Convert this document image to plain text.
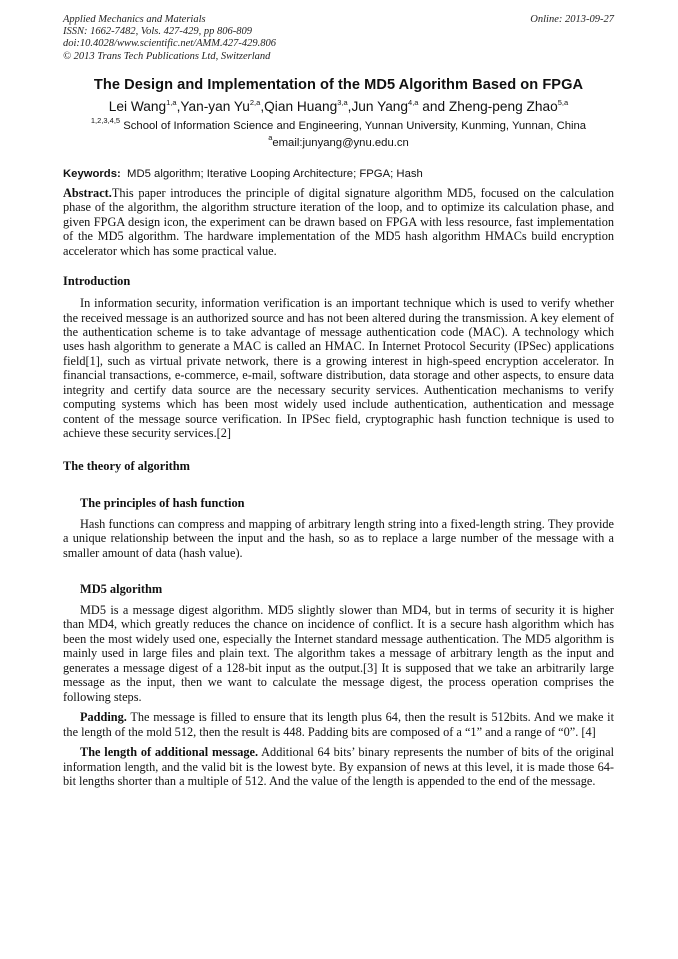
Applied Mechanics and Materials
ISSN: 1662-7482, Vols. 427-429, pp 806-809
doi:10.4028/www.scientific.net/AMM.427-429.806
© 2013 Trans Tech Publications Ltd, Switzerland
Online: 2013-09-27
The Design and Implementation of the MD5 Algorithm Based on FPGA
Lei Wang$^{1,a}$,Yan-yan Yu$^{2,a}$,Qian Huang$^{3,a}$,Jun Yang$^{4,a}$ and Zheng-peng Zhao$^{5,a}$
$^{1,2,3,4,5}$ School of Information Science and Engineering, Yunnan University, Kunming, Yunnan, China
$^a$email:junyang@ynu.edu.cn
Keywords: MD5 algorithm; Iterative Looping Architecture; FPGA; Hash

Abstract.This paper introduces the principle of digital signature algorithm MD5, focused on the calculation phase of the algorithm, the algorithm structure iteration of the loop, and to optimize its calculation phase, and given FPGA design icon, the experiment can be drawn based on FPGA with less resource, fast implementation of the MD5 algorithm. The hardware implementation of the MD5 hash algorithm HMACs build encryption accelerator which has some practical value.

Introduction

In information security, information verification is an important technique which is used to verify whether the received message is an authorized source and has not been altered during the transmission. A key element of the authentication scheme is to take advantage of message authentication code (MAC). A technology which uses hash algorithm to generate a MAC is called an HMAC. In Internet Protocol Security (IPSec) applications field[1], such as virtual private network, there is a growing interest in high-speed encryption accelerator. In financial transactions, e-commerce, e-mail, software distribution, data storage and other aspects, to ensure data integrity and certify data source are the necessary security services. Authentication mechanisms to verify computing systems which has been most widely used include authentication, authentication and message content of the message source verification. In IPSec field, cryptographic hash function technique is used to achieve these security services.[2]

The theory of algorithm
The principles of hash function

Hash functions can compress and mapping of arbitrary length string into a fixed-length string. They provide a unique relationship between the input and the hash, so as to replace a large number of the message with a smaller amount of data (hash value).

MD5 algorithm

MD5 is a message digest algorithm. MD5 slightly slower than MD4, but in terms of security it is higher than MD4, which greatly reduces the chance on incidence of conflict. It is a secure hash algorithm which has been the most widely used one, especially the Internet standard message authentication. The MD5 algorithm is mainly used in large files and plain text. The algorithm takes a message of arbitrary length as the input and generates a message digest of a 128-bit input as the output.[3] It is supposed that we take an arbitrarily large message as the input, then we want to calculate the message digest, the process operation comprises the following steps.

Padding. The message is filled to ensure that its length plus 64, then the result is 512bits. And we make it the length of the mold 512, then the result is 448. Padding bits are composed of a “1” and a range of “0”. [4]

The length of additional message. Additional 64 bits’ binary represents the number of bits of the original information length, and the valid bit is the lowest byte. By expansion of news at this level, it is made those 64-bit lengths shorter than a multiple of 512. And the value of the length is appended to the end of the message.
